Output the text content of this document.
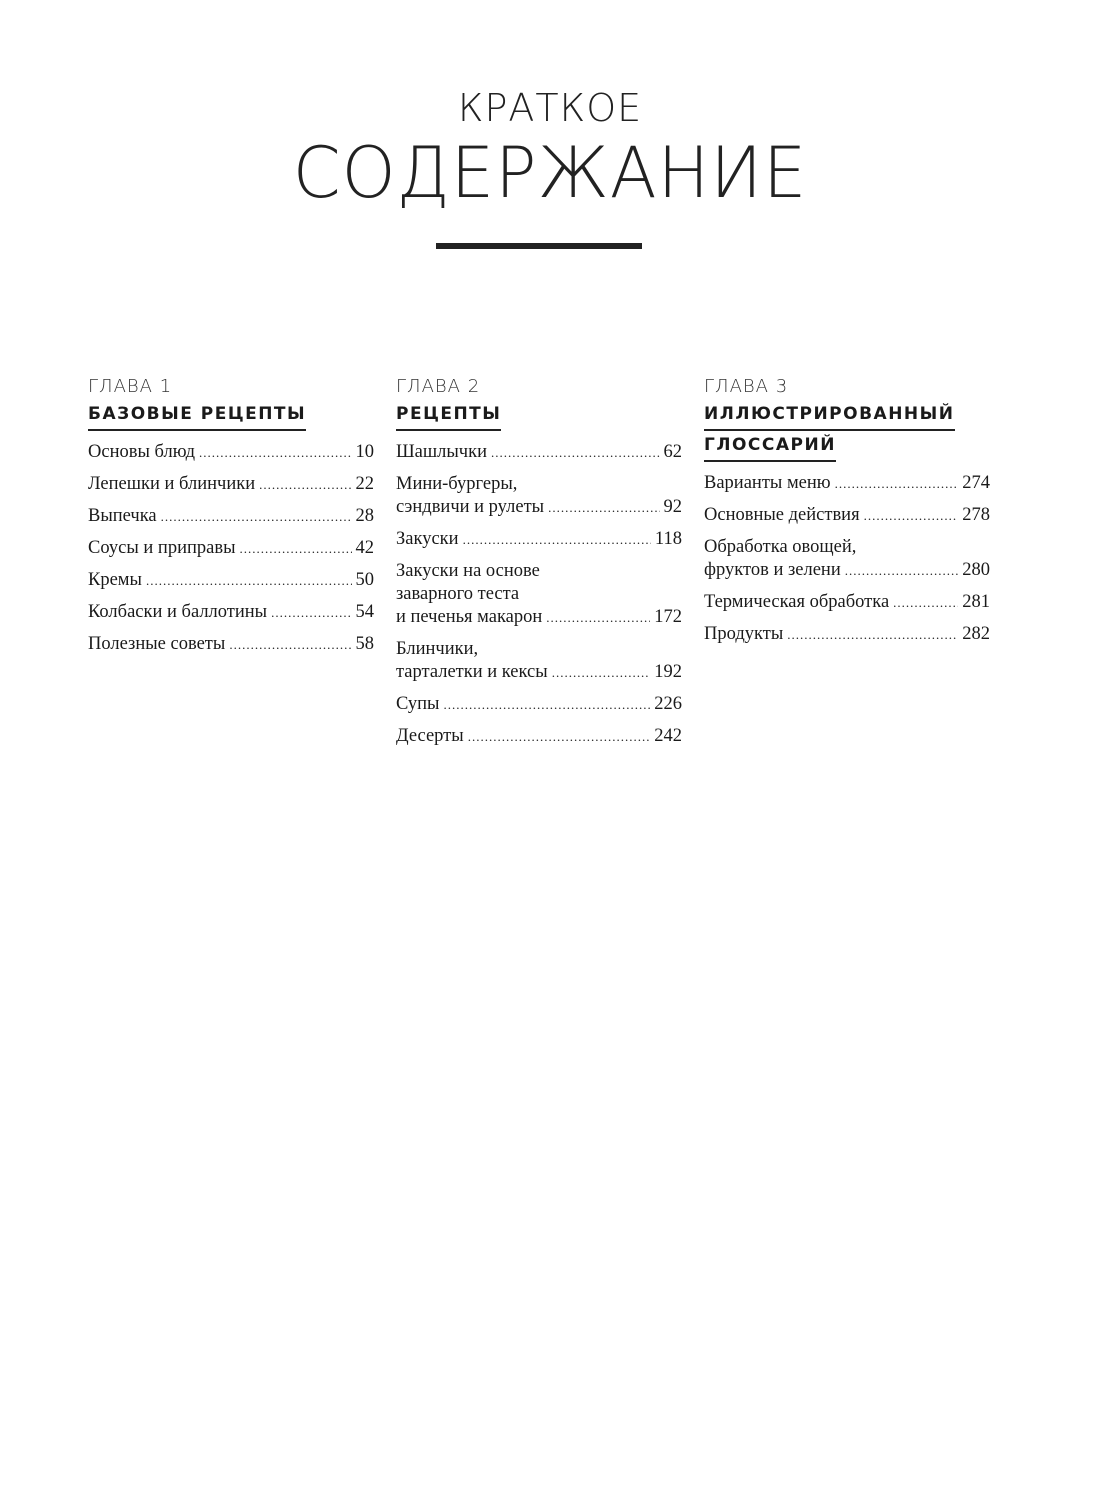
КРАТКОЕ
СОДЕРЖАНИЕ
ГЛАВА 1
БАЗОВЫЕ РЕЦЕПТЫ

Основы блюд .....	10
Лепешки и блинчики .....	22
Выпечка .....	28
Соусы и приправы .....	42
Кремы .....	50
Колбаски и баллотины .....	54
Полезные советы .....	58
ГЛАВА 2
РЕЦЕПТЫ

Шашлычки .....	62
Мини-бургеры,
сэндвичи и рулеты .....	92
Закуски .....	118
Закуски на основе
заварного теста
и печенья макарон .....	172
Блинчики,
тарталетки и кексы .....	192
Супы .....	226
Десерты .....	242
ГЛАВА 3
ИЛЛЮСТРИРОВАННЫЙ
ГЛОССАРИЙ

Варианты меню .....	274
Основные действия .....	278
Обработка овощей,
фруктов и зелени .....	280
Термическая обработка .....	281
Продукты .....	282
